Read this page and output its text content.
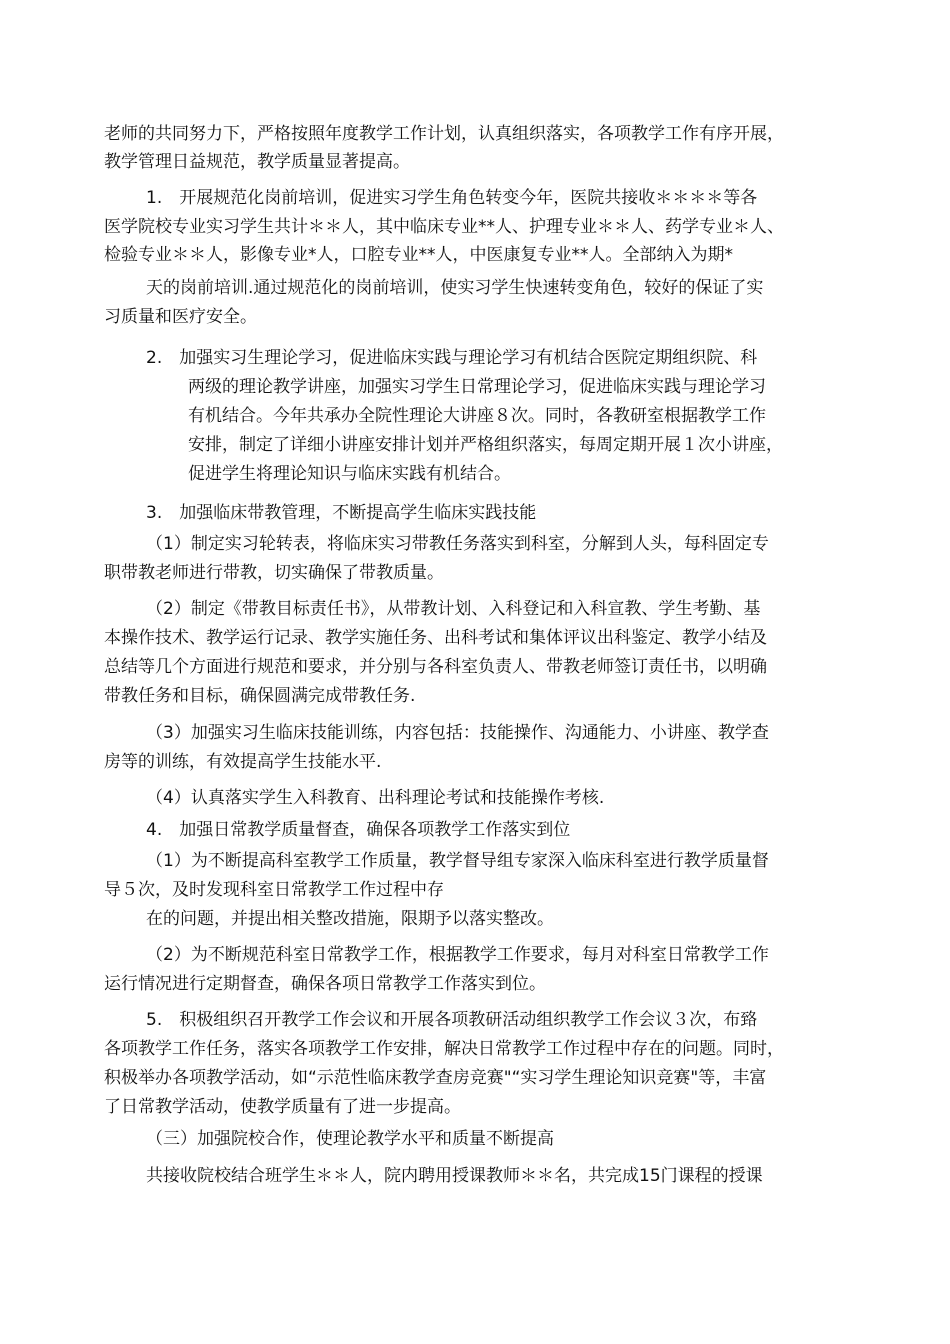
老师的共同努力下，严格按照年度教学工作计划，认真组织落实，各项教学工作有序开展，

教学管理日益规范，教学质量显著提高。

1.　开展规范化岗前培训，促进实习学生角色转变今年，医院共接收＊＊＊＊等各

医学院校专业实习学生共计＊＊人，其中临床专业**人、护理专业＊＊人、药学专业＊人、

检验专业＊＊人，影像专业*人，口腔专业**人，中医康复专业**人。全部纳入为期*

天的岗前培训.通过规范化的岗前培训，使实习学生快速转变角色，较好的保证了实

习质量和医疗安全。

2.　加强实习生理论学习，促进临床实践与理论学习有机结合医院定期组织院、科

两级的理论教学讲座，加强实习学生日常理论学习，促进临床实践与理论学习

有机结合。今年共承办全院性理论大讲座８次。同时，各教研室根据教学工作

安排，制定了详细小讲座安排计划并严格组织落实，每周定期开展１次小讲座，

促进学生将理论知识与临床实践有机结合。

3.　加强临床带教管理，不断提高学生临床实践技能

（1）制定实习轮转表，将临床实习带教任务落实到科室，分解到人头，每科固定专

职带教老师进行带教，切实确保了带教质量。

（2）制定《带教目标责任书》，从带教计划、入科登记和入科宣教、学生考勤、基

本操作技术、教学运行记录、教学实施任务、出科考试和集体评议出科鉴定、教学小结及

总结等几个方面进行规范和要求，并分别与各科室负责人、带教老师签订责任书，以明确

带教任务和目标，确保圆满完成带教任务.

（3）加强实习生临床技能训练，内容包括：技能操作、沟通能力、小讲座、教学查

房等的训练，有效提高学生技能水平.

（4）认真落实学生入科教育、出科理论考试和技能操作考核.

4.　加强日常教学质量督查，确保各项教学工作落实到位

（1）为不断提高科室教学工作质量，教学督导组专家深入临床科室进行教学质量督

导５次，及时发现科室日常教学工作过程中存

在的问题，并提出相关整改措施，限期予以落实整改。

（2）为不断规范科室日常教学工作，根据教学工作要求，每月对科室日常教学工作

运行情况进行定期督查，确保各项日常教学工作落实到位。

5.　积极组织召开教学工作会议和开展各项教研活动组织教学工作会议３次，布臵

各项教学工作任务，落实各项教学工作安排，解决日常教学工作过程中存在的问题。同时，

积极举办各项教学活动，如“示范性临床教学查房竞赛"“实习学生理论知识竞赛"等，丰富

了日常教学活动，使教学质量有了进一步提高。

（三）加强院校合作，使理论教学水平和质量不断提高

共接收院校结合班学生＊＊人，院内聘用授课教师＊＊名，共完成15门课程的授课
